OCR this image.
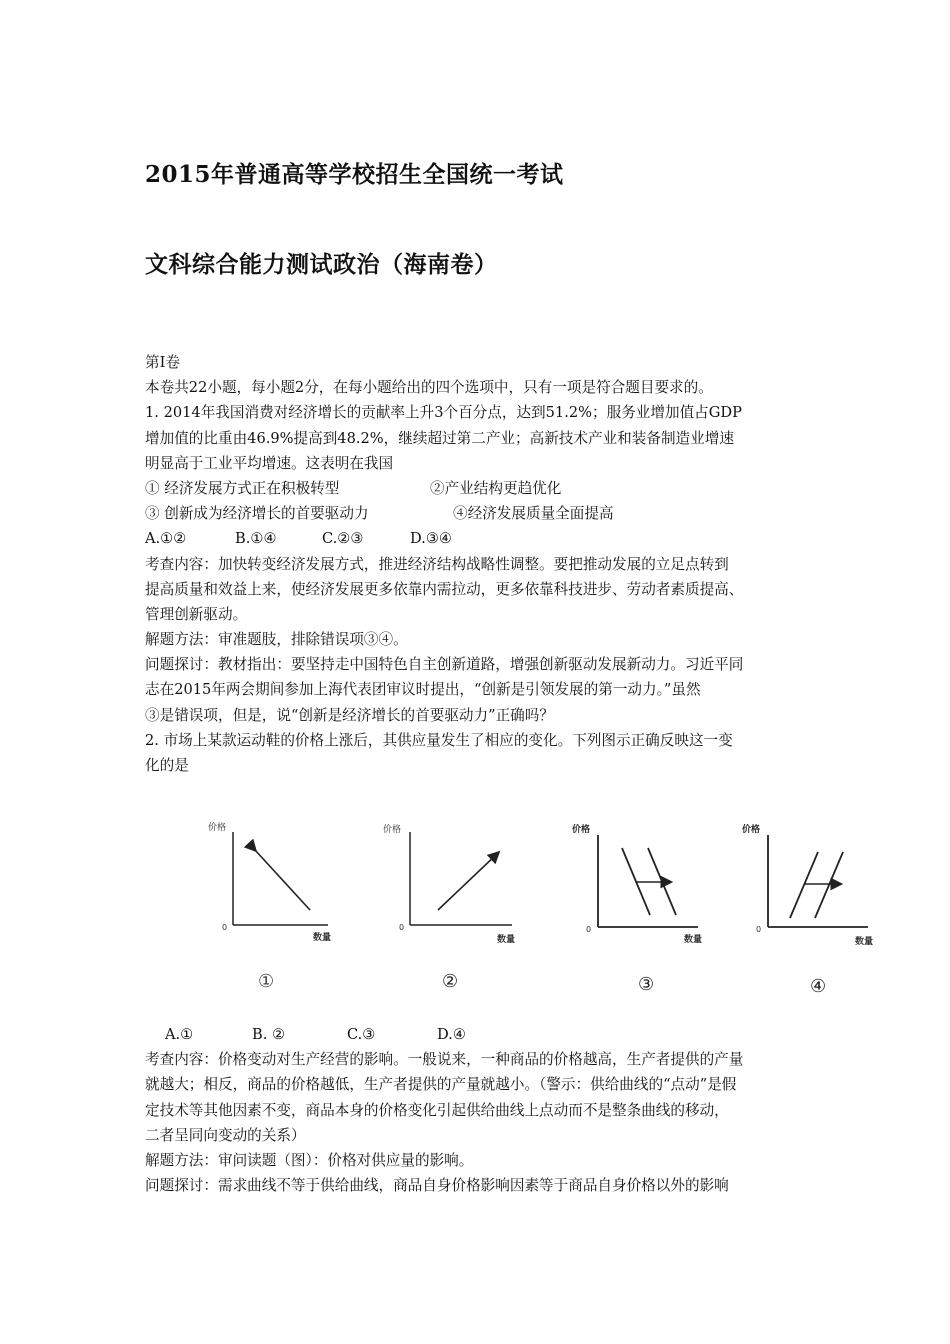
2015年普通高等学校招生全国统一考试
文科综合能力测试政治（海南卷）
第Ⅰ卷
本卷共22小题，每小题2分，在每小题给出的四个选项中，只有一项是符合题目要求的。
1. 2014年我国消费对经济增长的贡献率上升3个百分点，达到51.2%；服务业增加值占GDP
增加值的比重由46.9%提高到48.2%，继续超过第二产业；高新技术产业和装备制造业增速
明显高于工业平均增速。这表明在我国
① 经济发展方式正在积极转型	②产业结构更趋优化
③ 创新成为经济增长的首要驱动力	④经济发展质量全面提高
A.①②	B.①④	C.②③	D.③④
考查内容：加快转变经济发展方式，推进经济结构战略性调整。要把推动发展的立足点转到
提高质量和效益上来，使经济发展更多依靠内需拉动，更多依靠科技进步、劳动者素质提高、
管理创新驱动。
解题方法：审准题肢，排除错误项③④。
问题探讨：教材指出：要坚持走中国特色自主创新道路，增强创新驱动发展新动力。习近平同
志在2015年两会期间参加上海代表团审议时提出，“创新是引领发展的第一动力。”虽然
③是错误项，但是，说“创新是经济增长的首要驱动力”正确吗？
2. 市场上某款运动鞋的价格上涨后，其供应量发生了相应的变化。下列图示正确反映这一变
化的是
价格
0
数量
①
价格
0
数量
②
价格
0
数量
③
价格
0
数量
④
A.①	B. ②	C.③	D.④
考查内容：价格变动对生产经营的影响。一般说来，一种商品的价格越高，生产者提供的产量
就越大；相反，商品的价格越低，生产者提供的产量就越小。（警示：供给曲线的“点动”是假
定技术等其他因素不变，商品本身的价格变化引起供给曲线上点动而不是整条曲线的移动，
二者呈同向变动的关系）
解题方法：审问读题（图）：价格对供应量的影响。
问题探讨：需求曲线不等于供给曲线，商品自身价格影响因素等于商品自身价格以外的影响
